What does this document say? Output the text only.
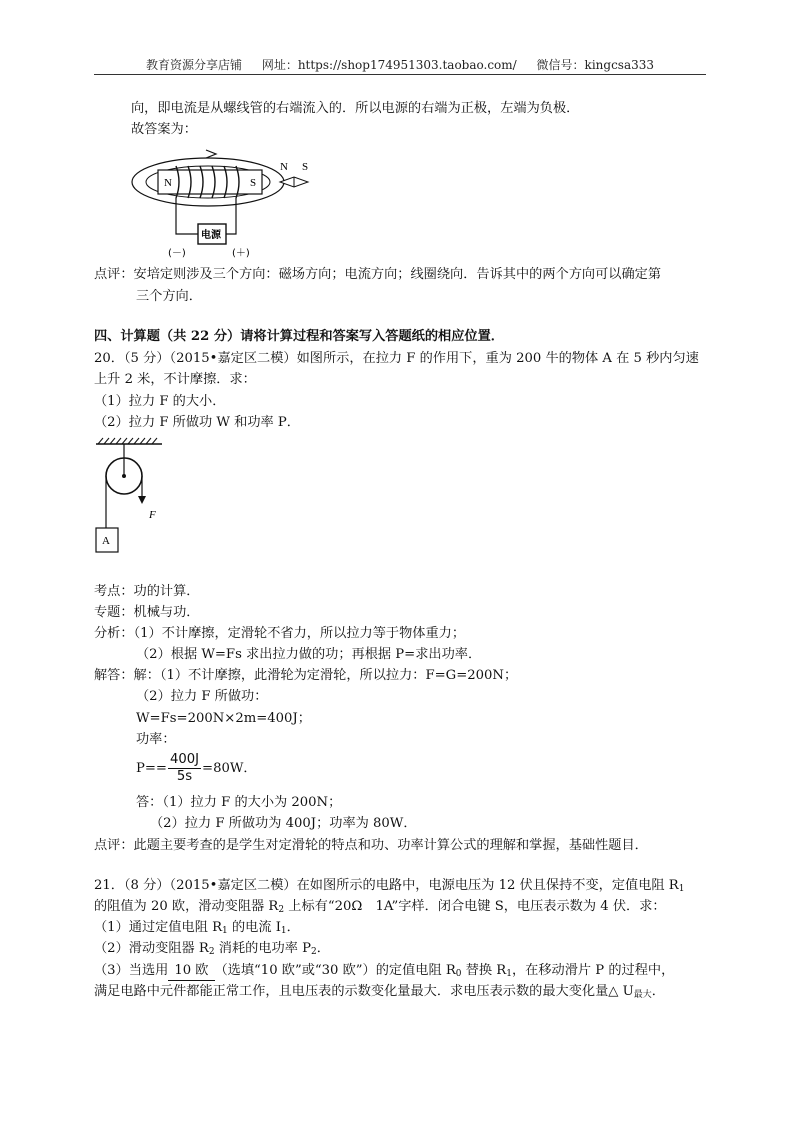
教育资源分享店铺 网址：https://shop174951303.taobao.com/ 微信号：kingcsa333
向，即电流是从螺线管的右端流入的．所以电源的右端为正极，左端为负极．
故答案为：
N	S
N S
电源
(－)	(＋)
点评：安培定则涉及三个方向：磁场方向；电流方向；线圈绕向．告诉其中的两个方向可以确定第
三个方向．
四、计算题（共 22 分）请将计算过程和答案写入答题纸的相应位置．
20．（5 分）（2015•嘉定区二模）如图所示，在拉力 F 的作用下，重为 200 牛的物体 A 在 5 秒内匀速
上升 2 米，不计摩擦．求：
（1）拉力 F 的大小．
（2）拉力 F 所做功 W 和功率 P．
F
A
考点：功的计算．
专题：机械与功．
分析：（1）不计摩擦，定滑轮不省力，所以拉力等于物体重力；
（2）根据 W=Fs 求出拉力做的功；再根据 P=求出功率．
解答：解：（1）不计摩擦，此滑轮为定滑轮，所以拉力：F=G=200N；
（2）拉力 F 所做功：
W=Fs=200N×2m=400J；
功率：
$P== \frac{400J}{5s} =80W$．
答：（1）拉力 F 的大小为 200N；
（2）拉力 F 所做功为 400J；功率为 80W．
点评：此题主要考查的是学生对定滑轮的特点和功、功率计算公式的理解和掌握，基础性题目．
21．（8 分）（2015•嘉定区二模）在如图所示的电路中，电源电压为 12 伏且保持不变，定值电阻 $R_1$
的阻值为 20 欧，滑动变阻器 $R_2$ 上标有“20Ω　1A”字样．闭合电键 S，电压表示数为 4 伏．求：
（1）通过定值电阻 $R_1$ 的电流 $I_1$．
（2）滑动变阻器 $R_2$ 消耗的电功率 $P_2$．
（3）当选用 10 欧 （选填“10 欧”或“30 欧”）的定值电阻 $R_0$ 替换 $R_1$，在移动滑片 P 的过程中，
满足电路中元件都能正常工作，且电压表的示数变化量最大．求电压表示数的最大变化量△ $U_{最大}$．
